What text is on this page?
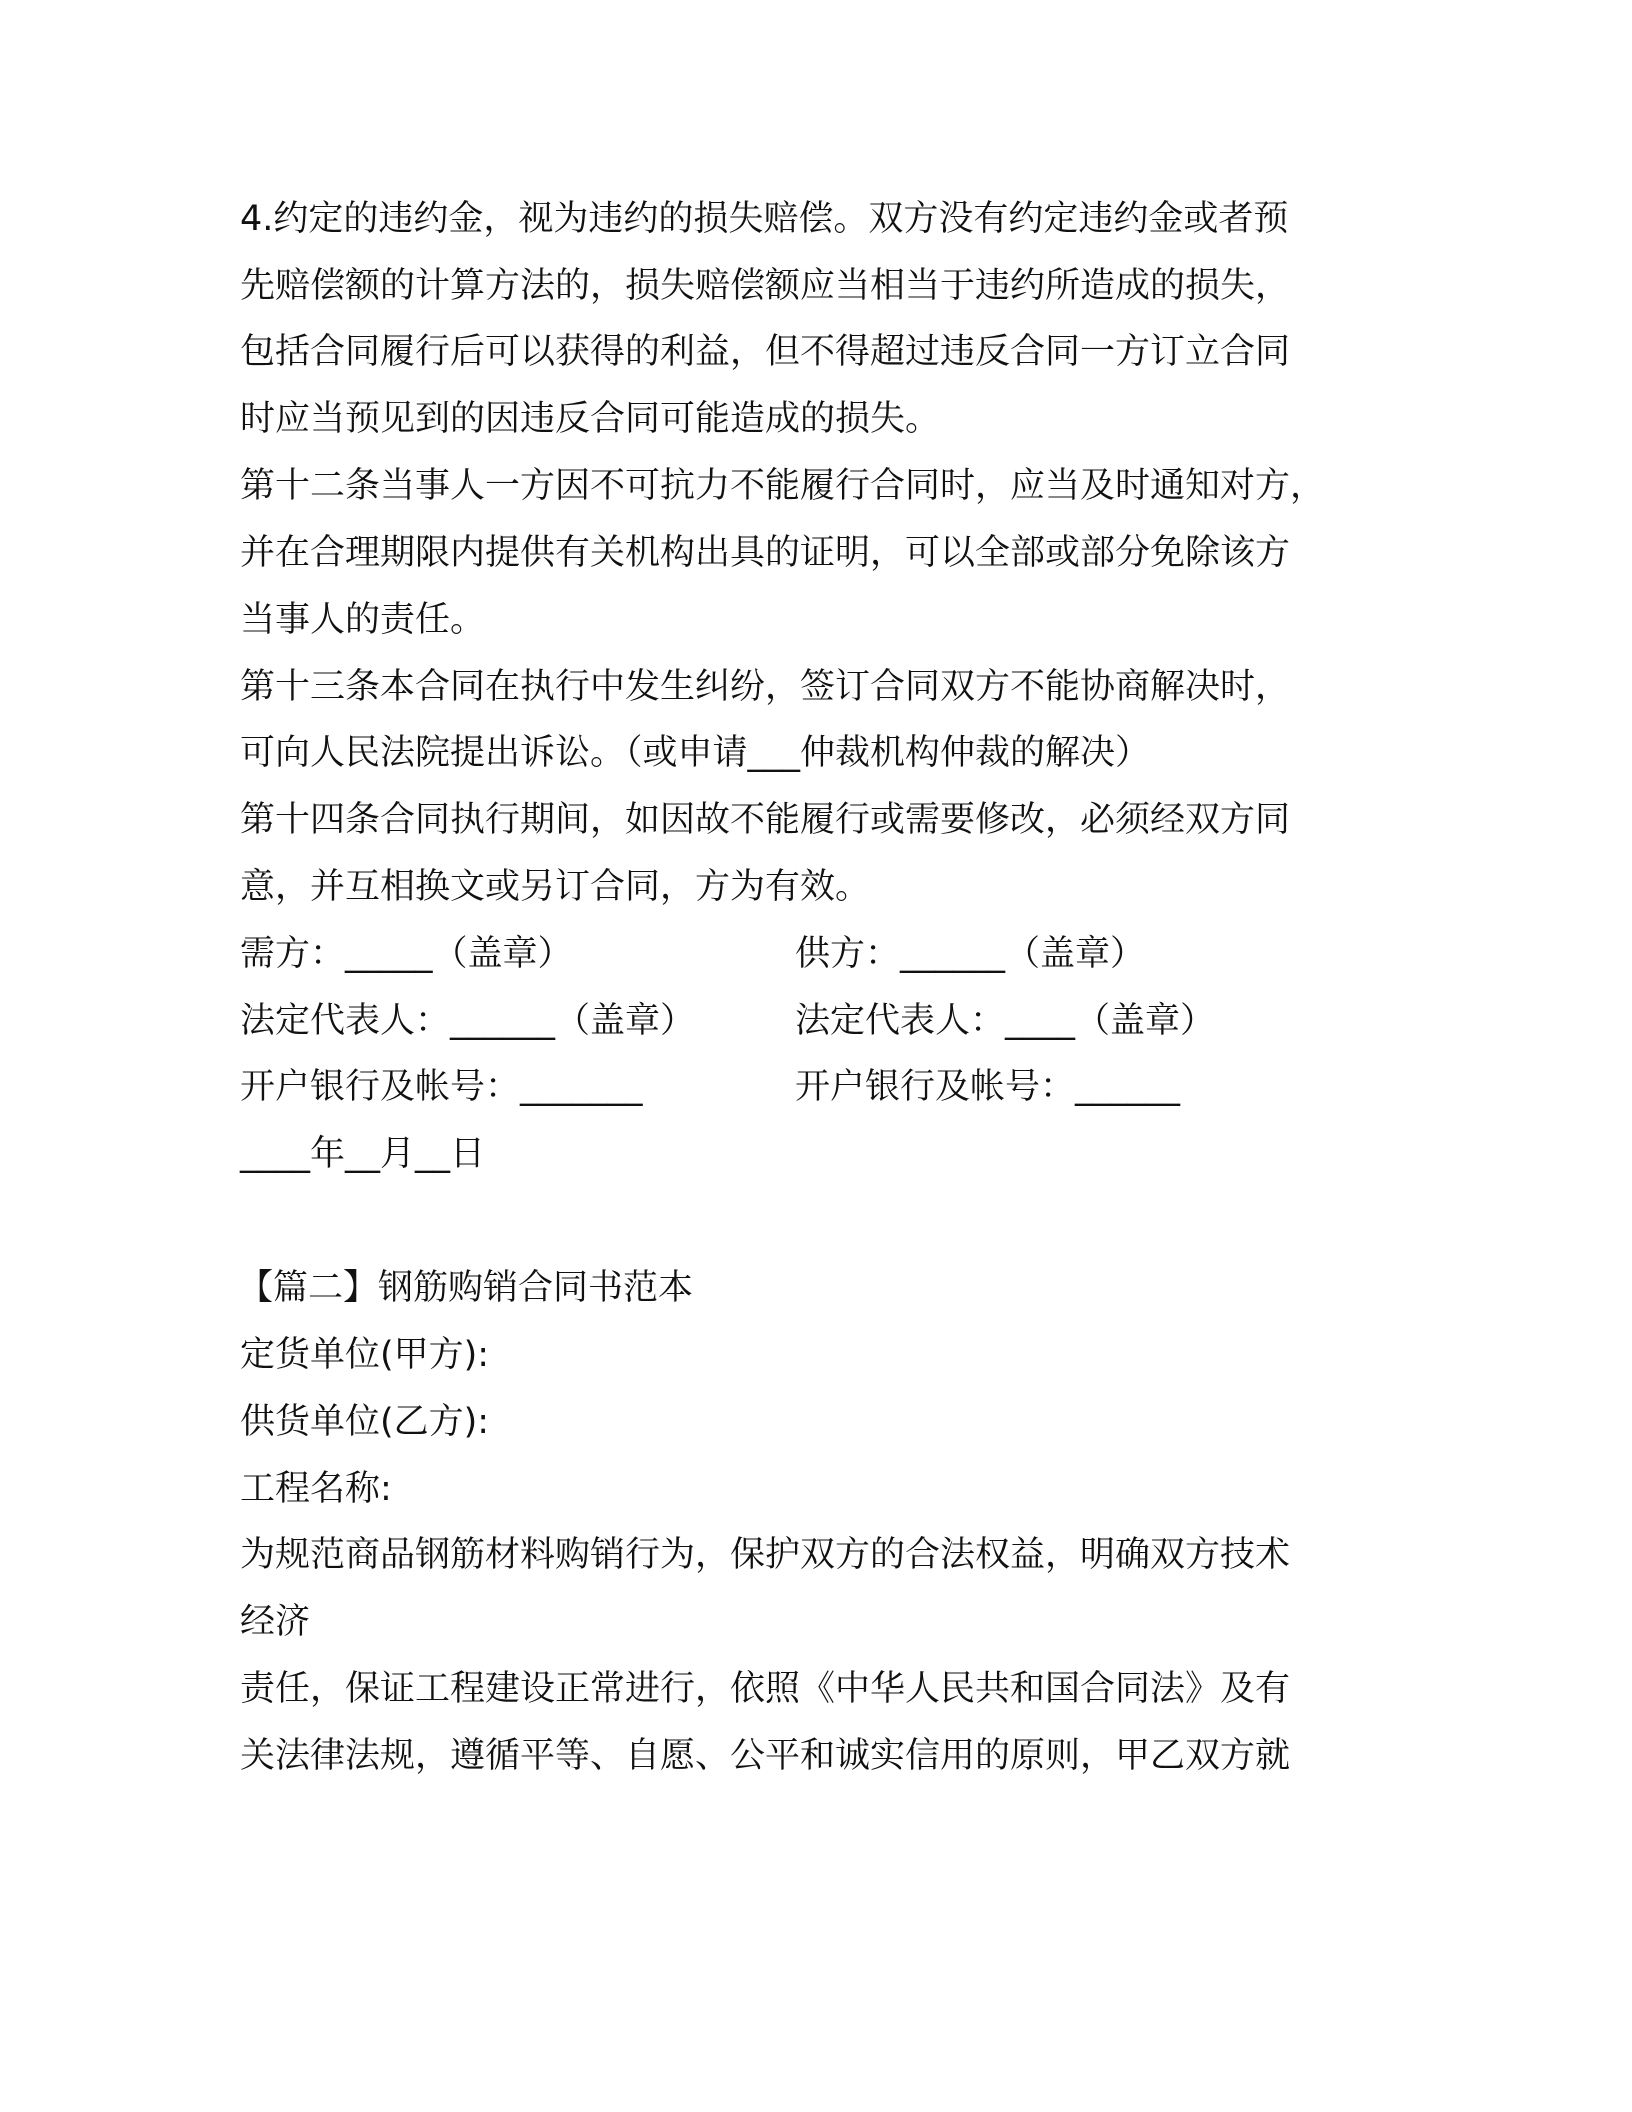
4.约定的违约金，视为违约的损失赔偿。双方没有约定违约金或者预
先赔偿额的计算方法的，损失赔偿额应当相当于违约所造成的损失，
包括合同履行后可以获得的利益，但不得超过违反合同一方订立合同
时应当预见到的因违反合同可能造成的损失。
第十二条当事人一方因不可抗力不能履行合同时，应当及时通知对方，
并在合理期限内提供有关机构出具的证明，可以全部或部分免除该方
当事人的责任。
第十三条本合同在执行中发生纠纷，签订合同双方不能协商解决时，
可向人民法院提出诉讼。（或申请___仲裁机构仲裁的解决）
第十四条合同执行期间，如因故不能履行或需要修改，必须经双方同
意，并互相换文或另订合同，方为有效。
需方：_____（盖章）	供方：______（盖章）
法定代表人：______（盖章）	法定代表人：____（盖章）
开户银行及帐号：_______	开户银行及帐号：______
____年__月__日
【篇二】钢筋购销合同书范本
定货单位(甲方):
供货单位(乙方):
工程名称:
为规范商品钢筋材料购销行为，保护双方的合法权益，明确双方技术
经济
责任，保证工程建设正常进行，依照《中华人民共和国合同法》及有
关法律法规，遵循平等、自愿、公平和诚实信用的原则，甲乙双方就
